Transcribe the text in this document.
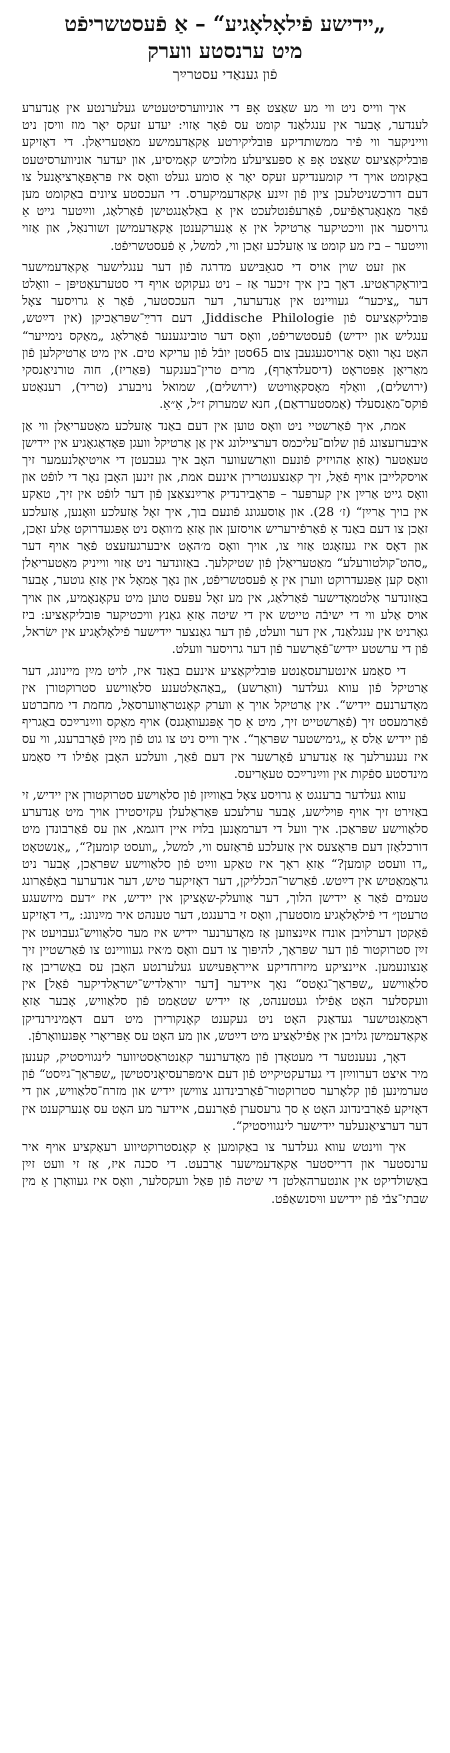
„יידישע פֿילאָלאָגיע“ – אַ פֿעסטשריפֿט
מיט ערנסטע ווערק
פֿון גענאַדי עסטרײַך

איך ווייס ניט ווי מע שאַצט אָפּ די אוניווערסיטעטיש געלערנטע אין אַנדערע לענדער, אָבער אין ענגלאַנד קומט עס פֿאָר אַזוי: יעדע זעקס יאָר מוז וויסן ניט ווייניקער ווי פֿיר ממשותדיקע פּובליקירטע אַקאַדעמישע מאַטעריאַלן. די דאָזיקע פּובליקאַציעס שאַצט אָפּ אַ ספּעציעלע מלוכיש קאָמיסיע, און יעדער אוניווערסיטעט באַקומט אויך די קומענדיקע זעקס יאָר אַ סומע געלט וואָס איז פּראָפּאָרציאָנעל צו דעם דורכשניטלעכן ציון פֿון זײַנע אַקאַדעמיקערס. די העכסטע ציונים באַקומט מען פֿאַר מאָנאָגראַפֿיעס, פֿאַרעפֿנטלעכט אין אַ באַלאַנגטישן פֿאַרלאַג, ווײַטער גייט אַ גרויסער און וויכטיקער אַרטיקל אין אַ אַנערקענטן אַקאַדעמישן זשורנאַל, און אַזוי ווײַטער – ביז מע קומט צו אַזעלכע זאַכן ווי, למשל, אַ פֿעסטשריפֿט.

און זעט שוין אויס די סגאַבּישע מדרגה פֿון דער ענגלישער אַקאַדעמישער ביוראָקראַטיע. דאָך בין איך זיכער אַז – ניט געקוקט אויף די סטערעאָטיפּן – וואָלט דער „ציכער“ געוויינט אין אַנדערער, דער העכסטער, פֿאַר אַ גרויסער צאָל פּובליקאַציעס פֿון Jiddische Philologie, דעם דרײַ־שפּראַכיקן (אין דײַטש, ענגליש און יידיש) פֿעסטשריפֿט, וואָס דער טובינגענער פֿאַרלאַג „מאַקס נימייער“ האָט נאָר וואָס אַרויסגעגעבן צום 65סטן יובֿל פֿון עריקא טים. אין מיט אַרטיקלען פֿון מאַריאָן אַפּטראָט (דיסעלדאָרף), מרים טרין־בענקער (פּאַריז), חוה טורניאַנסקי (ירושלים), וואַלף מאָסקאָוויטש (ירושלים), שמואל נויבערג (טריר), רענאַטע פֿוקס־מאַנסעלד (אַמסטערדאַם), חנא שמערוק ז״ל, אַ״אַ.

אמת, איך פֿאַרשטיי ניט וואָס טוען אין דעם באַנד אַזעלכע מאַטעריאַלן ווי אַן איבערזעצונג פֿון שלום־עליכמס דערציילונג אין אַן אַרטיקל וועגן פּאָדאַגאָגיע אין יידישן טעאַטער (אַזאַ אַהויזיק פֿונעם וואַרשעווער האָב איך געבעטן די אויטיאָלנעמער זיך אויסקלייבן אויף פֿאַל, זיך קאַנצענטרירן אינעם אמת, און זינען האָבן נאָר די לופֿט און וואָס גייט אַרײַן אין קערפּער – פּראָבירנדיק אַרײַנצאַצן פֿון דער לופֿט אין זיך, טאַקע אין בויך אַרײַן“ (ז׳ 28). און אַוסעגונג פֿונעם בוך, איך זאָל אַזעלכע ווּאָנען, אַזעלכע זאַכן צו דעם באַנד אַ פֿאַרפֿירעריש אויסזען און אַזאַ מ׳וואָס ניט אַפּגעדרוקט אַלע זאַכן, און דאָס איז געזאָגט אַזוי צו, אויך וואָס מ׳האָט איבערגעזעצט פֿאַר אויף דער „סהט־קולטורעלע“ מאַטעריאַלן פֿון שטיקלעך. באַזונדער ניט אַזוי ווייניק מאַטעריאַלן וואָס קען אַפּגעדרוקט ווערן אין אַ פֿעסטשריפֿט, און נאָך אַמאָל אין אַזאַ גוטער, אָבער באַזונדער אַלטמאָדישער פֿאַרלאַג, אין מע זאָל עפּעס טוען מיט עקאָנאָמיע, און אויך אויס אַלע ווי די ישיבֿה טייטש אין די שיטה אַזאַ גאַנץ וויכטיקער פּובליקאַציע: ביז גאָרניט אין ענגלאַנד, אין דער וועלט, פֿון דער גאַנצער יידישער פֿילאָלאָגיע אין ישׂראל, פֿון די ערשטע ייִדיש־פֿאָרשער פֿון דער גרויסער וועלט.

די סאַמע אינטערעסאַנטע פּובליקאַציע אינעם באַנד איז, לויט מײַן מיינונג, דער אַרטיקל פֿון עווא געלדער (וואַרשע) „באַהאַלטענע סלאַווישע סטרוקטורן אין מאָדערנעם יידיש“. אין אַרטיקל אויך אַ ווערק קאָנטראָווערסאַל, מחמת די מחברטע פֿאַרמעסט זיך (פֿאַרשטייט זיך, מיט אַ סך אַפּגעוואָגנס) אויף מאַקס ווײַנרײַכס באַגריף פֿון יידיש אַלס אַ „גימישטער שפּראַך“. איך ווייס ניט צו גוט פֿון מײַן פֿאָרברענג, ווי עס איז נעגערלעך אַז אַנדערע פֿאָרשער אין דעם פֿאַך, וועלכע האָבן אַפֿילו די סאַמע מינדסטע ספֿקות אין ווײַנרײַכס טעאָריעס.

עווא געלדער ברענגט אַ גרויסע צאָל באַווײַזן פֿון סלאַוישע סטרוקטורן אין יידיש, זי באַזירט זיך אויף פּוילישע, אָבער ערלעכע פּאַראַלעלן עקזיסטירן אויך מיט אַנדערע סלאַווישע שפּראַכן. איך וועל די דערמאָנען בלויז איין דוגמא, און עס פֿאַרבונדן מיט דורכלאַזן דעם פּראָצעס אין אַזעלכע פֿראַזעס ווי, למשל, „וועסט קומען?“, „אַנשטאָט „דו וועסט קומען?“ אַזאַ ראָך איז טאַקע ווײַט פֿון סלאַווישע שפּראַכן, אָבער ניט גראַמאַטיש אין דײַטש. פֿאַרשר־הכלליקן, דער דאָזיקער טיש, דער אנדערער באָפֿאַרונג טעמים פֿאַר אַ יידישן הלוך, דער אַוועלק-שאָציקן אין יידיש, איז ״דעם מיזשעגע טרעטן״ די פֿילאָלאָגיע מוסטערן, וואָס זי ברענגט, דער טענהט איר מײַנונג: „די דאָזיקע פֿאַקטן דערלויבן אונדז אײַנצוזען אַז מאָדערנער יידיש איז מער סלאַוויש־געבויעט אין זײַן סטרוקטור פֿון דער שפּראַך, להיפּוך צו דעם וואָס מ׳איז געווויינט צו פֿאַרשטיין זיך אַנצונעמען. איינציקע מיזרחדיקע אייראָפּעיִשע געלערנטע האָבן עס באַשריבן אַז סלאַווישע „שפּראַך־גאָטס“ נאָך איידער [דער יוראַלדיש־ישראַלדיקער פֿאַל] אין וועקסלער האָט אַפֿילו געטענהט, אַז יידיש שטאַמט פֿון סלאַוויש, אָבער אַזאַ ראָמאַנטישער געדאַנק האָט ניט געקענט קאָנקורירן מיט דעם דאָמינירנדיקן אַקאַדעמישן גלויבן אין אַפֿילאַציע מיט דײַטש, און מע האָט עס אַפּריאָרי אָפּגעוואָרפֿן.

דאָך, נעענטער די מעטאָדן פֿון מאָדערנער קאַנטראַסטיווער לינגוויסטיק, קענען מיר איצט דערווײַזן די געדעקטיקייט פֿון דעם אימפּרעסיאָניסטישן „שפּראַך־גײַסט“ פֿון טערמינען פֿון קלאָרער סטרוקטור־פֿאַרבינדונג צווישן יידיש און מזרח־סלאַוויש, און די דאָזיקע פֿאַרבינדונג האָט אַ סך גרעסערן פֿאַרנעם, איידער מע האָט עס אָנערקענט אין דער דערציאַנעלער יידישער לינגוויסטיק“.

איך ווינטש עווא געלדער צו באַקומען אַ קאָנסטרוקטיווע רעאַקציע אויף איר ערנסטער און דרייסטער אַקאַדעמישער אַרבעט. די סכנה איז, אַז זי וועט זײַן באַשולדיקט אין אונטערהאַלטן די שיטה פֿון פּאַל וועקסלער, וואָס איז געוואָרן אַ מין שבתי־צבֿי פֿון יידישע ווּיסנשאַפֿט.
